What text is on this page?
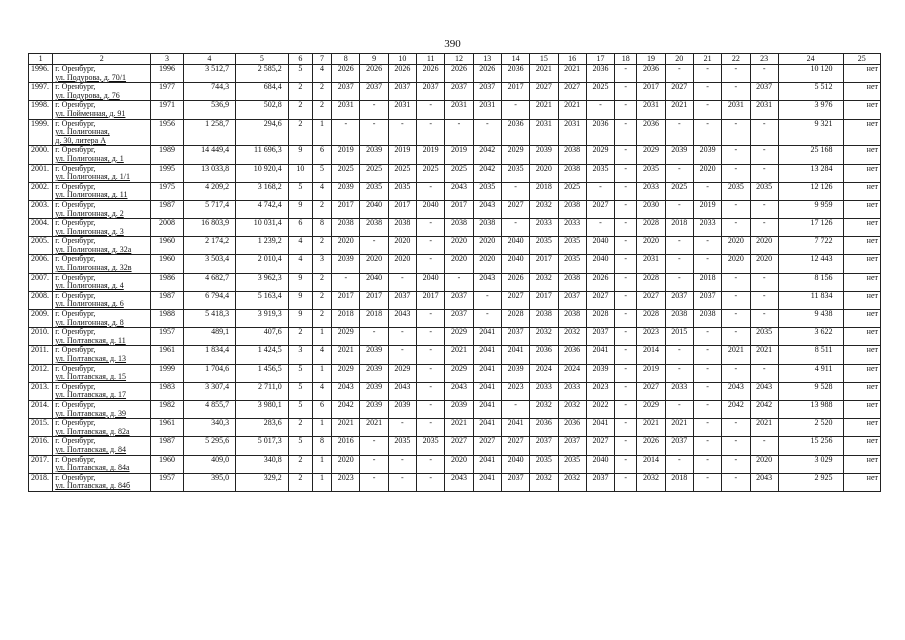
390
1	2	3	4	5	6	7	8	9	10	11	12	13	14	15	16	17	18	19	20	21	22	23	24	25
1996.	г. Оренбург,
ул. Подурова, д. 70/1	1996	3 512,7	2 585,2	5	4	2026	2026	2026	2026	2026	2026	2036	2021	2021	2036	-	2036	-	-	-	-	10 120	нет
1997.	г. Оренбург,
ул. Подурова, д. 76	1977	744,3	684,4	2	2	2037	2037	2037	2037	2037	2037	2017	2027	2027	2025	-	2017	2027	-	-	2037	5 512	нет
1998.	г. Оренбург,
ул. Пойменная, д. 91	1971	536,9	502,8	2	2	2031	-	2031	-	2031	2031	-	2021	2021	-	-	2031	2021	-	2031	2031	3 976	нет
1999.	г. Оренбург,
ул. Полигонная,
д. 30, литера А	1956	1 258,7	294,6	2	1	-	-	-	-	-	-	2036	2031	2031	2036	-	2036	-	-	-	-	9 321	нет
2000.	г. Оренбург,
ул. Полигонная, д. 1	1989	14 449,4	11 696,3	9	6	2019	2039	2019	2019	2019	2042	2029	2039	2038	2029	-	2029	2039	2039	-	-	25 168	нет
2001.	г. Оренбург,
ул. Полигонная, д. 1/1	1995	13 033,8	10 920,4	10	5	2025	2025	2025	2025	2025	2042	2035	2020	2038	2035	-	2035	-	2020	-	-	13 284	нет
2002.	г. Оренбург,
ул. Полигонная, д. 11	1975	4 209,2	3 168,2	5	4	2039	2035	2035	-	2043	2035	-	2018	2025	-	-	2033	2025	-	2035	2035	12 126	нет
2003.	г. Оренбург,
ул. Полигонная, д. 2	1987	5 717,4	4 742,4	9	2	2017	2040	2017	2040	2017	2043	2027	2032	2038	2027	-	2030	-	2019	-	-	9 959	нет
2004.	г. Оренбург,
ул. Полигонная, д. 3	2008	16 803,9	10 031,4	6	8	2038	2038	2038	-	2038	2038	-	2033	2033	-	-	2028	2018	2033	-	-	17 126	нет
2005.	г. Оренбург,
ул. Полигонная, д. 32а	1960	2 174,2	1 239,2	4	2	2020	-	2020	-	2020	2020	2040	2035	2035	2040	-	2020	-	-	2020	2020	7 722	нет
2006.	г. Оренбург,
ул. Полигонная, д. 32в	1960	3 503,4	2 010,4	4	3	2039	2020	2020	-	2020	2020	2040	2017	2035	2040	-	2031	-	-	2020	2020	12 443	нет
2007.	г. Оренбург,
ул. Полигонная, д. 4	1986	4 682,7	3 962,3	9	2	-	2040	-	2040	-	2043	2026	2032	2038	2026	-	2028	-	2018	-	-	8 156	нет
2008.	г. Оренбург,
ул. Полигонная, д. 6	1987	6 794,4	5 163,4	9	2	2017	2017	2037	2017	2037	-	2027	2017	2037	2027	-	2027	2037	2037	-	-	11 834	нет
2009.	г. Оренбург,
ул. Полигонная, д. 8	1988	5 418,3	3 919,3	9	2	2018	2018	2043	-	2037	-	2028	2038	2038	2028	-	2028	2038	2038	-	-	9 438	нет
2010.	г. Оренбург,
ул. Полтавская, д. 11	1957	489,1	407,6	2	1	2029	-	-	-	2029	2041	2037	2032	2032	2037	-	2023	2015	-	-	2035	3 622	нет
2011.	г. Оренбург,
ул. Полтавская, д. 13	1961	1 834,4	1 424,5	3	4	2021	2039	-	-	2021	2041	2041	2036	2036	2041	-	2014	-	-	2021	2021	8 511	нет
2012.	г. Оренбург,
ул. Полтавская, д. 15	1999	1 704,6	1 456,5	5	1	2029	2039	2029	-	2029	2041	2039	2024	2024	2039	-	2019	-	-	-	-	4 911	нет
2013.	г. Оренбург,
ул. Полтавская, д. 17	1983	3 307,4	2 711,0	5	4	2043	2039	2043	-	2043	2041	2023	2033	2033	2023	-	2027	2033	-	2043	2043	9 528	нет
2014.	г. Оренбург,
ул. Полтавская, д. 39	1982	4 855,7	3 980,1	5	6	2042	2039	2039	-	2039	2041	-	2032	2032	2022	-	2029	-	-	2042	2042	13 988	нет
2015.	г. Оренбург,
ул. Полтавская, д. 82а	1961	340,3	283,6	2	1	2021	2021	-	-	2021	2041	2041	2036	2036	2041	-	2021	2021	-	-	2021	2 520	нет
2016.	г. Оренбург,
ул. Полтавская, д. 84	1987	5 295,6	5 017,3	5	8	2016	-	2035	2035	2027	2027	2027	2037	2037	2027	-	2026	2037	-	-	-	15 256	нет
2017.	г. Оренбург,
ул. Полтавская, д. 84а	1960	409,0	340,8	2	1	2020	-	-	-	2020	2041	2040	2035	2035	2040	-	2014	-	-	-	2020	3 029	нет
2018.	г. Оренбург,
ул. Полтавская, д. 84б	1957	395,0	329,2	2	1	2023	-	-	-	2043	2041	2037	2032	2032	2037	-	2032	2018	-	-	2043	2 925	нет
